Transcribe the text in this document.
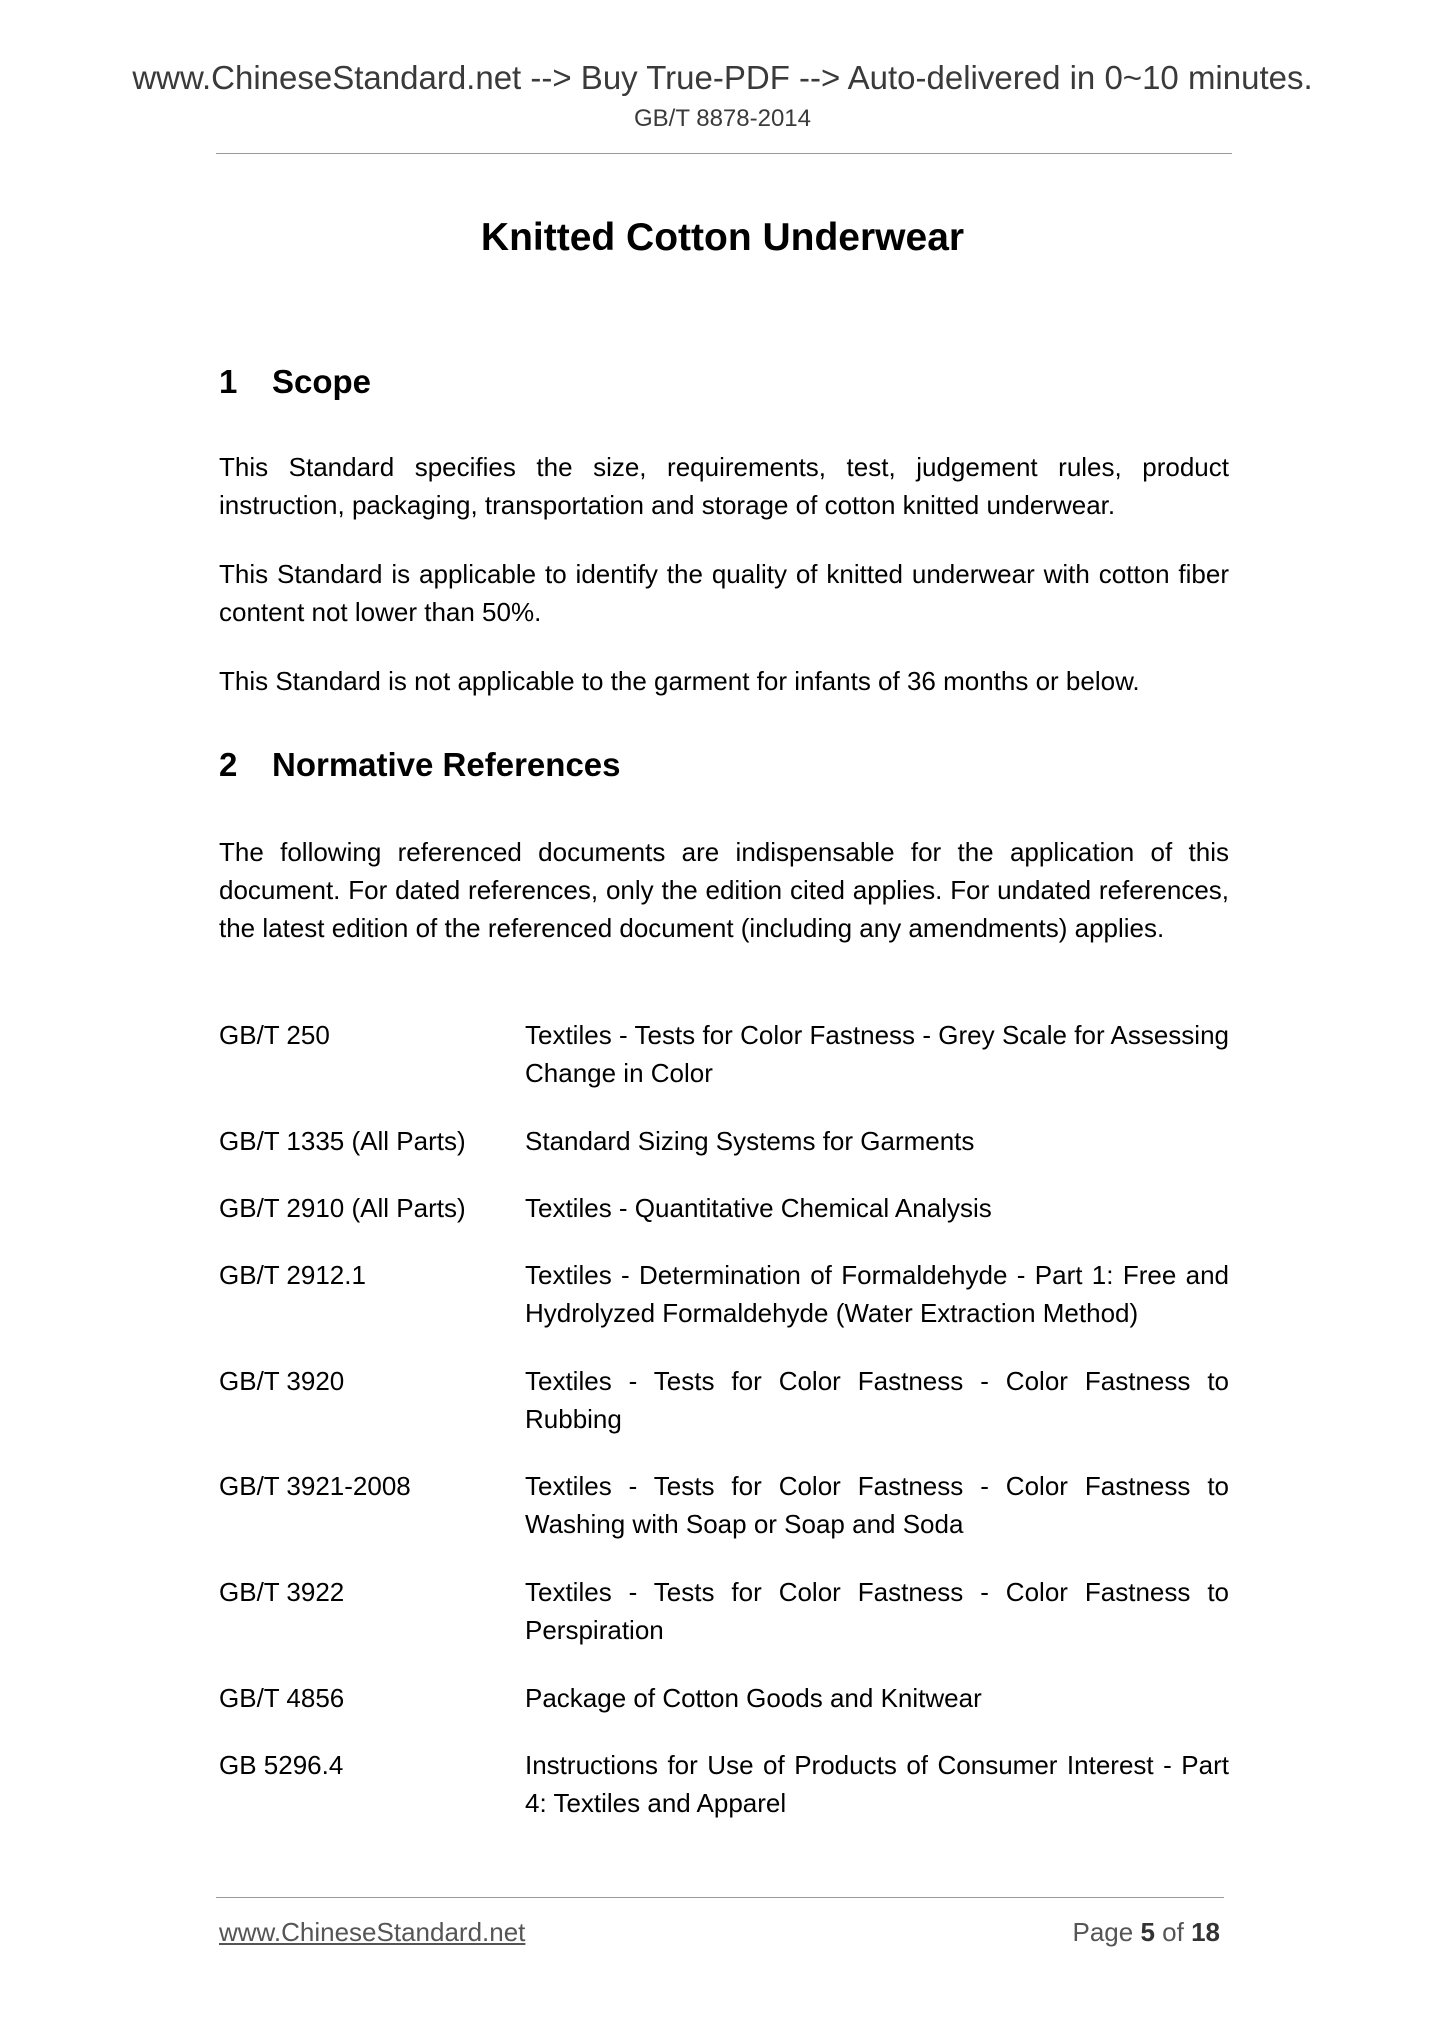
www.ChineseStandard.net --> Buy True-PDF --> Auto-delivered in 0~10 minutes.
GB/T 8878-2014
Knitted Cotton Underwear
1 Scope

This Standard specifies the size, requirements, test, judgement rules, product instruction, packaging, transportation and storage of cotton knitted underwear.

This Standard is applicable to identify the quality of knitted underwear with cotton fiber content not lower than 50%.

This Standard is not applicable to the garment for infants of 36 months or below.

2 Normative References

The following referenced documents are indispensable for the application of this document. For dated references, only the edition cited applies. For undated references, the latest edition of the referenced document (including any amendments) applies.

GB/T 250	Textiles - Tests for Color Fastness - Grey Scale for Assessing Change in Color
GB/T 1335 (All Parts)	Standard Sizing Systems for Garments
GB/T 2910 (All Parts)	Textiles - Quantitative Chemical Analysis
GB/T 2912.1	Textiles - Determination of Formaldehyde - Part 1: Free and Hydrolyzed Formaldehyde (Water Extraction Method)
GB/T 3920	Textiles - Tests for Color Fastness - Color Fastness to Rubbing
GB/T 3921-2008	Textiles - Tests for Color Fastness - Color Fastness to Washing with Soap or Soap and Soda
GB/T 3922	Textiles - Tests for Color Fastness - Color Fastness to Perspiration
GB/T 4856	Package of Cotton Goods and Knitwear
GB 5296.4	Instructions for Use of Products of Consumer Interest - Part 4: Textiles and Apparel
www.ChineseStandard.net	Page 5 of 18
